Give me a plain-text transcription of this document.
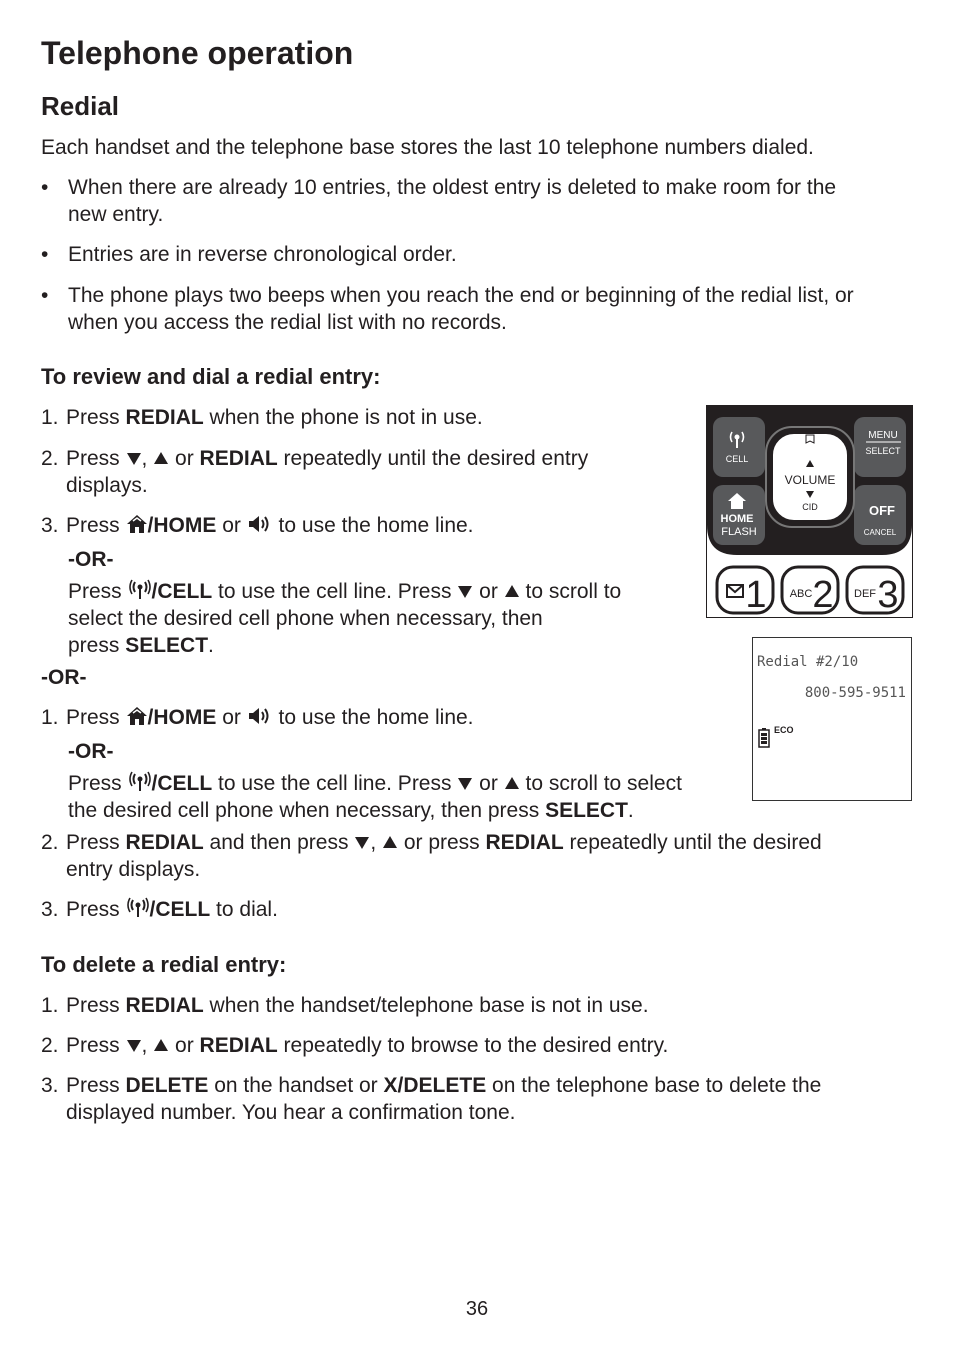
Telephone operation
Redial
Each handset and the telephone base stores the last 10 telephone numbers dialed.
• When there are already 10 entries, the oldest entry is deleted to make room for the
new entry.
• Entries are in reverse chronological order.
• The phone plays two beeps when you reach the end or beginning of the redial list, or
when you access the redial list with no records.
To review and dial a redial entry:
1. Press REDIAL when the phone is not in use.
2. Press ,  or REDIAL repeatedly until the desired entry
displays.
3. Press /HOME or  to use the home line.
-OR-
Press /CELL to use the cell line. Press  or  to scroll to
select the desired cell phone when necessary, then
press SELECT.
-OR-
1. Press /HOME or  to use the home line.
-OR-
Press /CELL to use the cell line. Press  or  to scroll to select
the desired cell phone when necessary, then press SELECT.
2. Press REDIAL and then press ,  or press REDIAL repeatedly until the desired
entry displays.
3. Press /CELL to dial.
To delete a redial entry:
1. Press REDIAL when the handset/telephone base is not in use.
2. Press ,  or REDIAL repeatedly to browse to the desired entry.
3. Press DELETE on the handset or X/DELETE on the telephone base to delete the
displayed number. You hear a confirmation tone.
CELL
HOME
FLASH
MENU
SELECT
OFF
CANCEL
VOLUME
CID
1 ABC 2 DEF 3
Redial #2/10
800-595-9511
ECO
36
